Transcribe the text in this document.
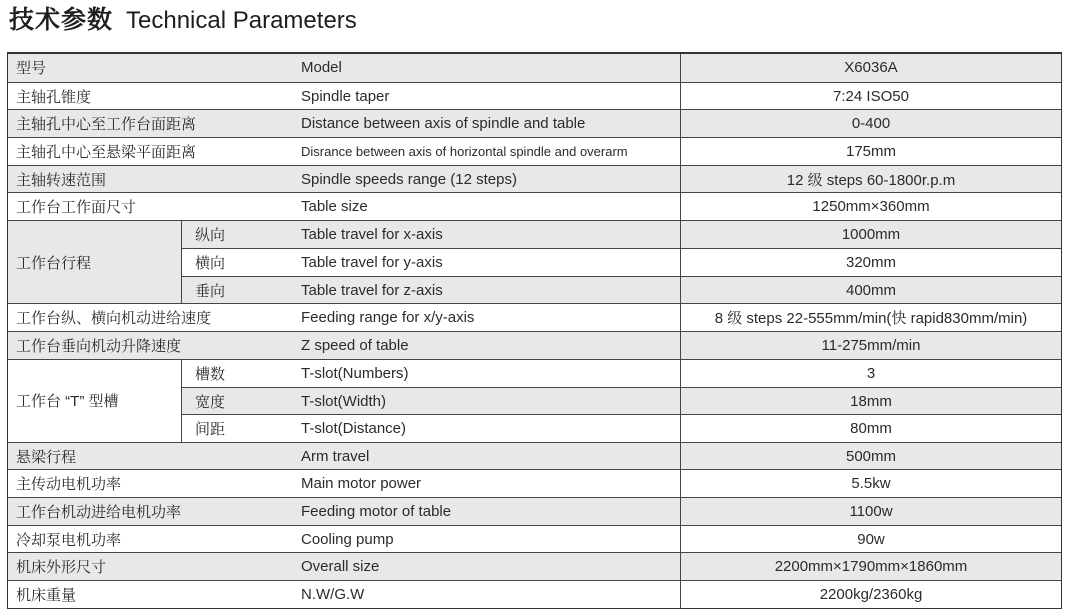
技术参数 Technical Parameters
型号	Model	X6036A
主轴孔锥度	Spindle taper	7:24 ISO50
主轴孔中心至工作台面距离	Distance between axis of spindle and table	0-400
主轴孔中心至悬梁平面距离	Disrance between axis of horizontal spindle and overarm	175mm
主轴转速范围	Spindle speeds range (12 steps)	12 级 steps 60-1800r.p.m
工作台工作面尺寸	Table size	1250mm×360mm
工作台行程
纵向	Table travel for x-axis	1000mm
横向	Table travel for y-axis	320mm
垂向	Table travel for z-axis	400mm
工作台纵、横向机动进给速度	Feeding range for x/y-axis	8 级 steps 22-555mm/min(快 rapid830mm/min)
工作台垂向机动升降速度	Z speed of table	11-275mm/min
工作台 “T” 型槽
槽数	T-slot(Numbers)	3
宽度	T-slot(Width)	18mm
间距	T-slot(Distance)	80mm
悬梁行程	Arm travel	500mm
主传动电机功率	Main motor power	5.5kw
工作台机动进给电机功率	Feeding motor of table	1100w
冷却泵电机功率	Cooling pump	90w
机床外形尺寸	Overall size	2200mm×1790mm×1860mm
机床重量	N.W/G.W	2200kg/2360kg
